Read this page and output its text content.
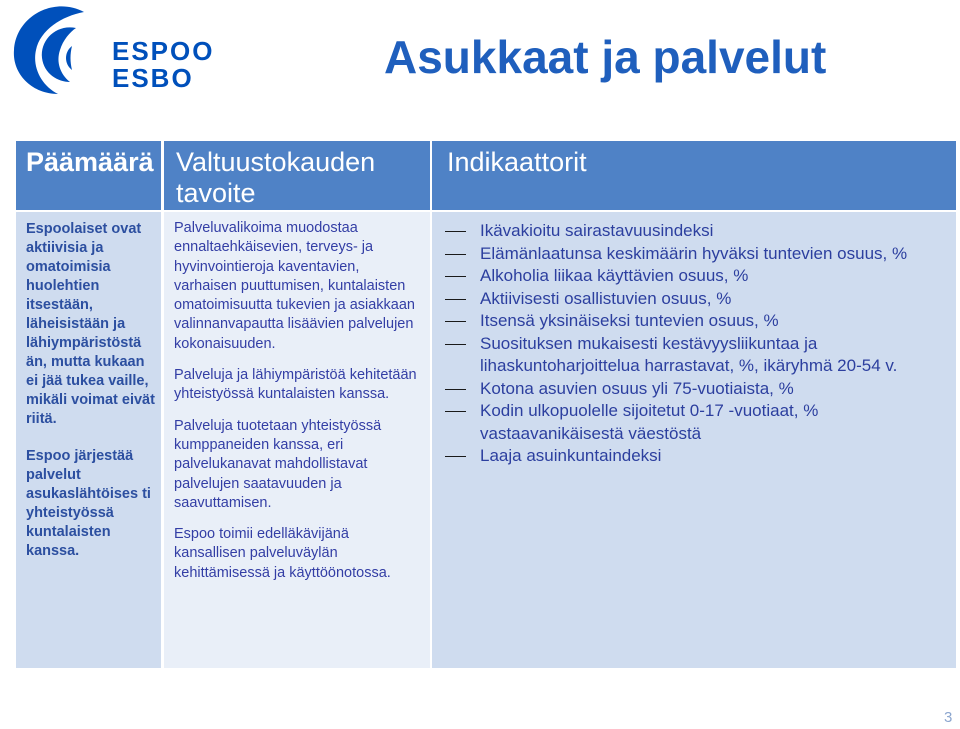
ESPOO
ESBO	Asukkaat ja palvelut
Päämäärä Valtuustokauden tavoite
Indikaattorit

Espoolaiset ovat aktiivisia ja omatoimisia huolehtien itsestään, läheisistään ja lähiympäristöstä än, mutta kukaan ei jää tukea vaille, mikäli voimat eivät riitä.

Espoo järjestää palvelut asukaslähtöises ti yhteistyössä kuntalaisten kanssa.

Palveluvalikoima muodostaa ennaltaehkäisevien, terveys- ja hyvinvointieroja kaventavien, varhaisen puuttumisen, kuntalaisten omatoimisuutta tukevien ja asiakkaan valinnanvapautta lisäävien palvelujen kokonaisuuden.

Palveluja ja lähiympäristöä kehitetään yhteistyössä kuntalaisten kanssa.

Palveluja tuotetaan yhteistyössä kumppaneiden kanssa, eri palvelukanavat mahdollistavat palvelujen saatavuuden ja saavuttamisen.

Espoo toimii edelläkävijänä kansallisen palveluväylän kehittämisessä ja käyttöönotossa.

Ikävakioitu sairastavuusindeksi
Elämänlaatunsa keskimäärin hyväksi tuntevien osuus, %
Alkoholia liikaa käyttävien osuus, %
Aktiivisesti osallistuvien osuus, %
Itsensä yksinäiseksi tuntevien osuus, %
Suosituksen mukaisesti kestävyysliikuntaa ja lihaskuntoharjoittelua harrastavat, %, ikäryhmä 20-54 v.
Kotona asuvien osuus yli 75-vuotiaista, %
Kodin ulkopuolelle sijoitetut 0-17 -vuotiaat, % vastaavanikäisestä väestöstä
Laaja asuinkuntaindeksi
3
